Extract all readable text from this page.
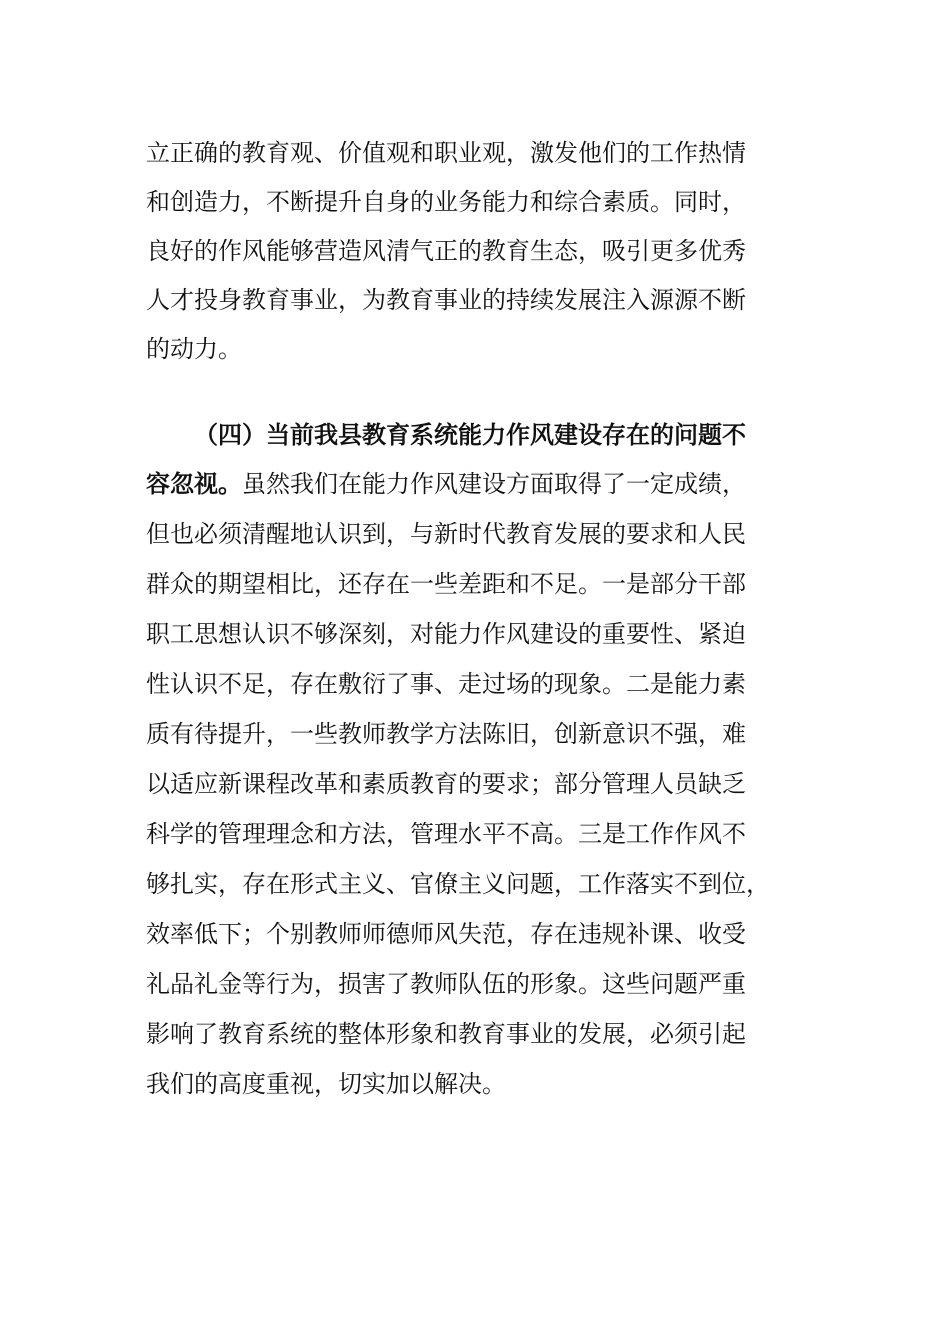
立正确的教育观、价值观和职业观，激发他们的工作热情
和创造力，不断提升自身的业务能力和综合素质。同时，
良好的作风能够营造风清气正的教育生态，吸引更多优秀
人才投身教育事业，为教育事业的持续发展注入源源不断
的动力。
（四）当前我县教育系统能力作风建设存在的问题不
容忽视。虽然我们在能力作风建设方面取得了一定成绩，
但也必须清醒地认识到，与新时代教育发展的要求和人民
群众的期望相比，还存在一些差距和不足。一是部分干部
职工思想认识不够深刻，对能力作风建设的重要性、紧迫
性认识不足，存在敷衍了事、走过场的现象。二是能力素
质有待提升，一些教师教学方法陈旧，创新意识不强，难
以适应新课程改革和素质教育的要求；部分管理人员缺乏
科学的管理理念和方法，管理水平不高。三是工作作风不
够扎实，存在形式主义、官僚主义问题，工作落实不到位，
效率低下；个别教师师德师风失范，存在违规补课、收受
礼品礼金等行为，损害了教师队伍的形象。这些问题严重
影响了教育系统的整体形象和教育事业的发展，必须引起
我们的高度重视，切实加以解决。
